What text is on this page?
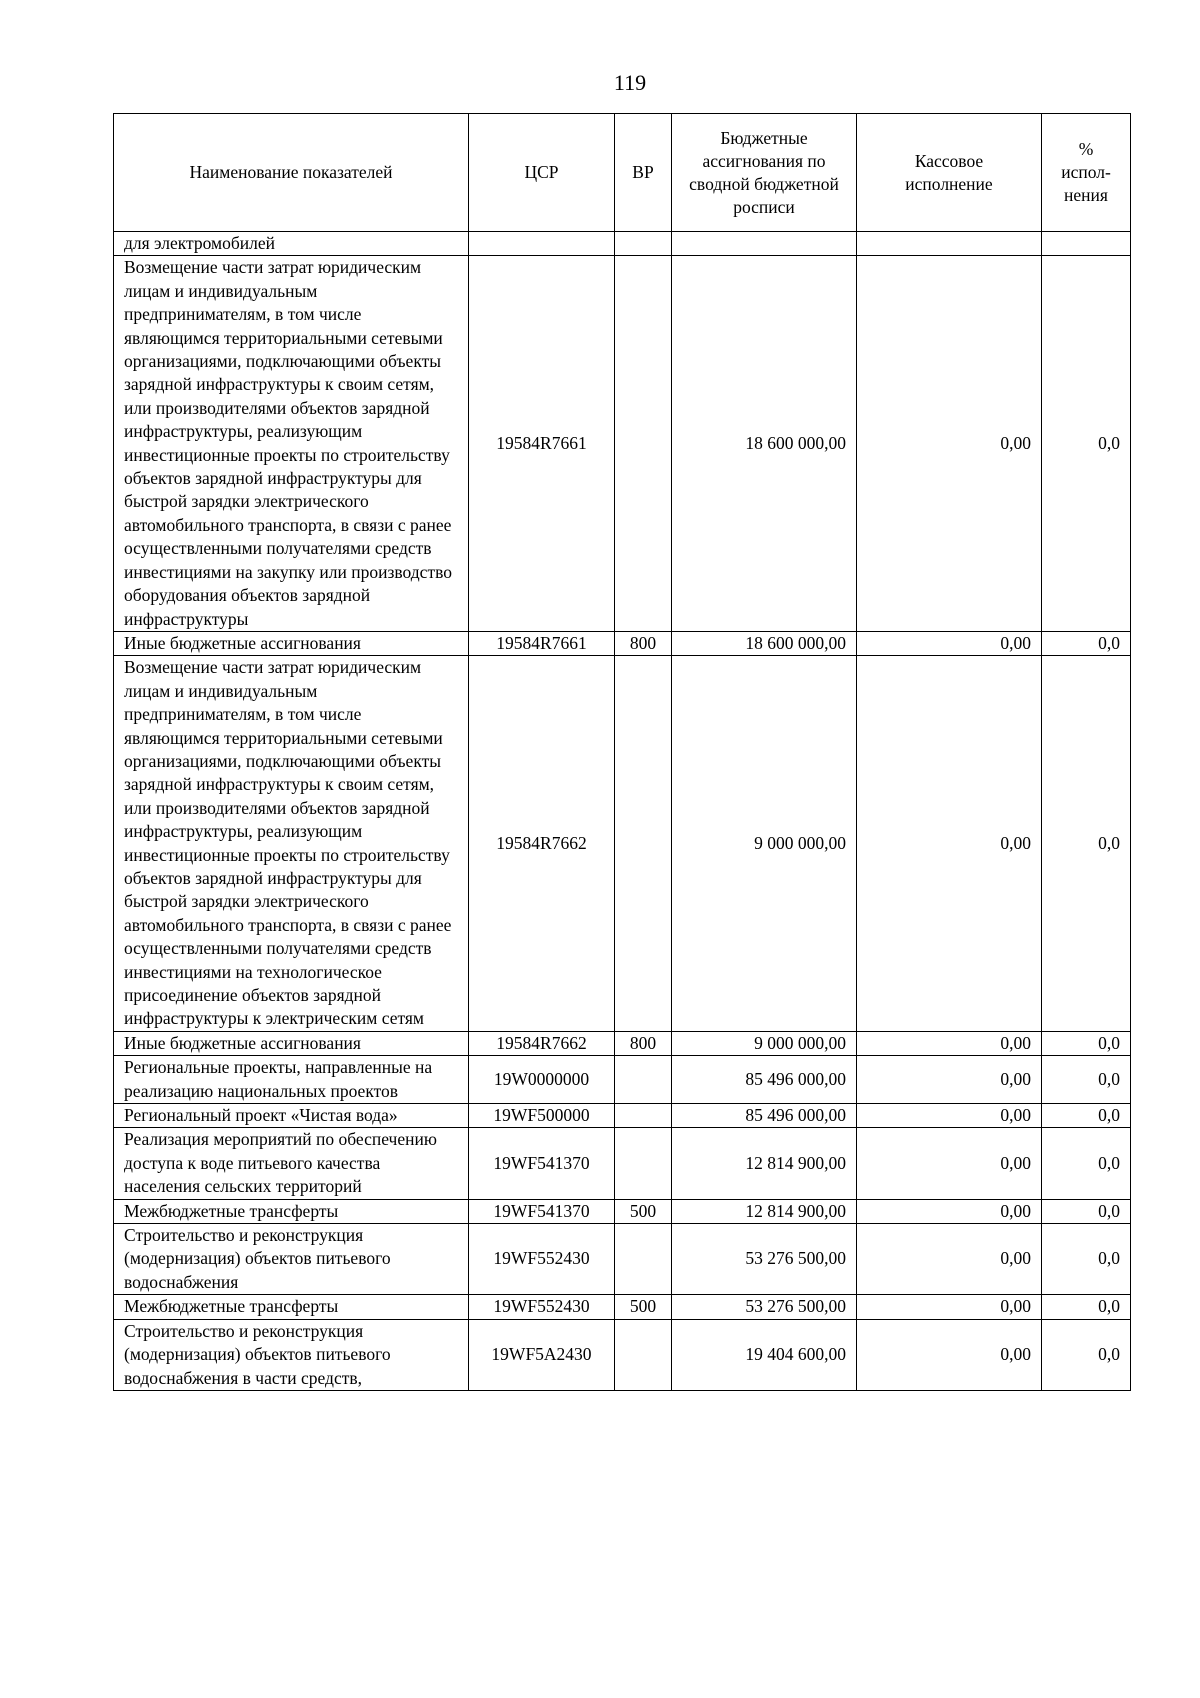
119
Наименование показателей	ЦСР	ВР	Бюджетные ассигнования по сводной бюджетной росписи	Кассовое исполнение	% испол-нения
для электромобилей					
Возмещение части затрат юридическим лицам и индивидуальным предпринимателям, в том числе являющимся территориальными сетевыми организациями, подключающими объекты зарядной инфраструктуры к своим сетям, или производителями объектов зарядной инфраструктуры, реализующим инвестиционные проекты по строительству объектов зарядной инфраструктуры для быстрой зарядки электрического автомобильного транспорта, в связи с ранее осуществленными получателями средств инвестициями на закупку или производство оборудования объектов зарядной инфраструктуры	19584R7661		18 600 000,00	0,00	0,0
Иные бюджетные ассигнования	19584R7661	800	18 600 000,00	0,00	0,0
Возмещение части затрат юридическим лицам и индивидуальным предпринимателям, в том числе являющимся территориальными сетевыми организациями, подключающими объекты зарядной инфраструктуры к своим сетям, или производителями объектов зарядной инфраструктуры, реализующим инвестиционные проекты по строительству объектов зарядной инфраструктуры для быстрой зарядки электрического автомобильного транспорта, в связи с ранее осуществленными получателями средств инвестициями на технологическое присоединение объектов зарядной инфраструктуры к электрическим сетям	19584R7662		9 000 000,00	0,00	0,0
Иные бюджетные ассигнования	19584R7662	800	9 000 000,00	0,00	0,0
Региональные проекты, направленные на реализацию национальных проектов	19W0000000		85 496 000,00	0,00	0,0
Региональный проект «Чистая вода»	19WF500000		85 496 000,00	0,00	0,0
Реализация мероприятий по обеспечению доступа к воде питьевого качества населения сельских территорий	19WF541370		12 814 900,00	0,00	0,0
Межбюджетные трансферты	19WF541370	500	12 814 900,00	0,00	0,0
Строительство и реконструкция (модернизация) объектов питьевого водоснабжения	19WF552430		53 276 500,00	0,00	0,0
Межбюджетные трансферты	19WF552430	500	53 276 500,00	0,00	0,0
Строительство и реконструкция (модернизация) объектов питьевого водоснабжения в части средств,	19WF5A2430		19 404 600,00	0,00	0,0
